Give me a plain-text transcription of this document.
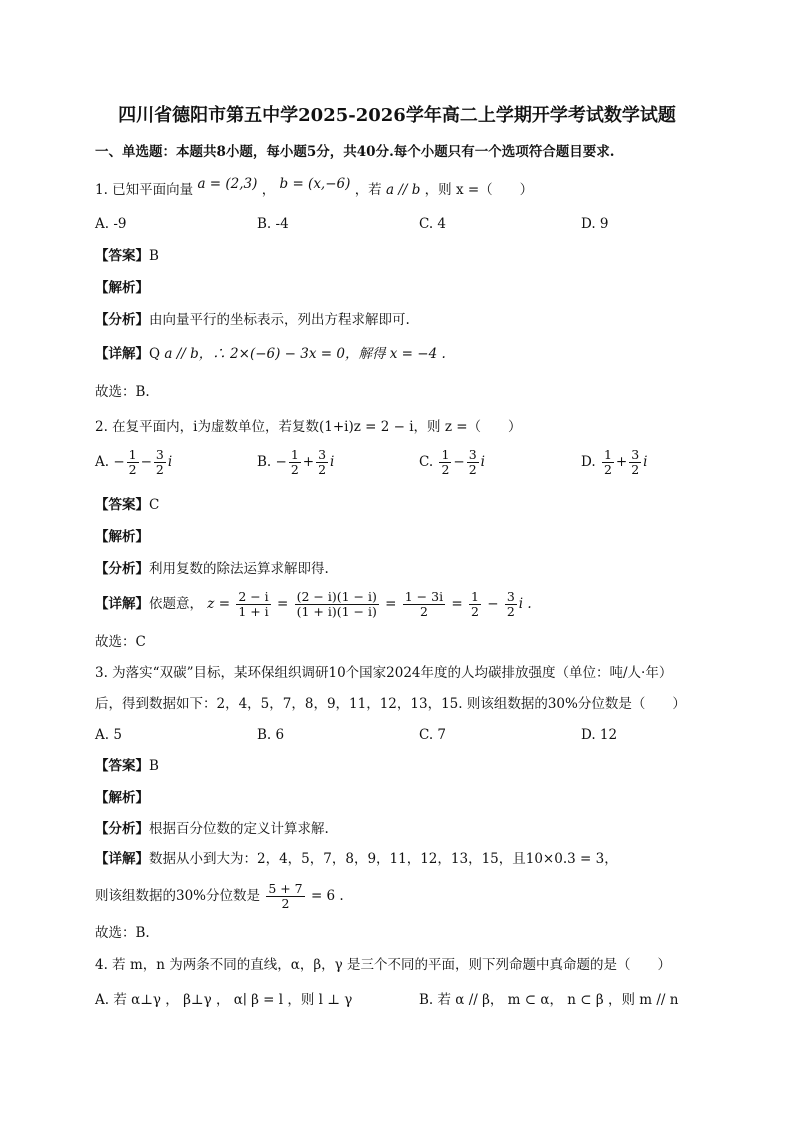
四川省德阳市第五中学2025-2026学年高二上学期开学考试数学试题
一、单选题：本题共8小题，每小题5分，共40分.每个小题只有一个选项符合题目要求.
1. 已知平面向量 a = (2,3) ， b = (x,−6) ，若 a // b ，则 x =（　　）
A. -9	B. -4	C. 4	D. 9
【答案】B
【解析】
【分析】由向量平行的坐标表示，列出方程求解即可.
【详解】Q a // b，∴ 2×(−6) − 3x = 0，解得 x = −4 .
故选：B.
2. 在复平面内，i为虚数单位，若复数(1+i)z = 2 − i，则 z =（　　）
A. − $\frac{1}{2} - \frac{3}{2}$ i	B. − $\frac{1}{2} + \frac{3}{2}$ i	C. $\frac{1}{2} - \frac{3}{2}$ i	D. $\frac{1}{2} + \frac{3}{2}$ i
【答案】C
【解析】
【分析】利用复数的除法运算求解即得.
【详解】依题意， $z = \frac{2 - i}{1 + i} = \frac{(2 - i)(1 - i)}{(1 + i)(1 - i)} = \frac{1 - 3i}{2} = \frac{1}{2} - \frac{3}{2}$ i .
故选：C
3. 为落实“双碳”目标，某环保组织调研10个国家2024年度的人均碳排放强度（单位：吨/人·年）
后，得到数据如下：2，4，5，7，8，9，11，12，13，15. 则该组数据的30%分位数是（　　）
A. 5	B. 6	C. 7	D. 12
【答案】B
【解析】
【分析】根据百分位数的定义计算求解.
【详解】数据从小到大为：2，4，5，7，8，9，11，12，13，15，且10×0.3 = 3，
则该组数据的30%分位数是 $\frac{5 + 7}{2} = 6$ .
故选：B.
4. 若 m，n 为两条不同的直线，α，β，γ 是三个不同的平面，则下列命题中真命题的是（　　）
A. 若 α⊥γ ， β⊥γ ， α∣ β = l ，则 l ⊥ γ	B. 若 α // β， m ⊂ α， n ⊂ β ，则 m // n
